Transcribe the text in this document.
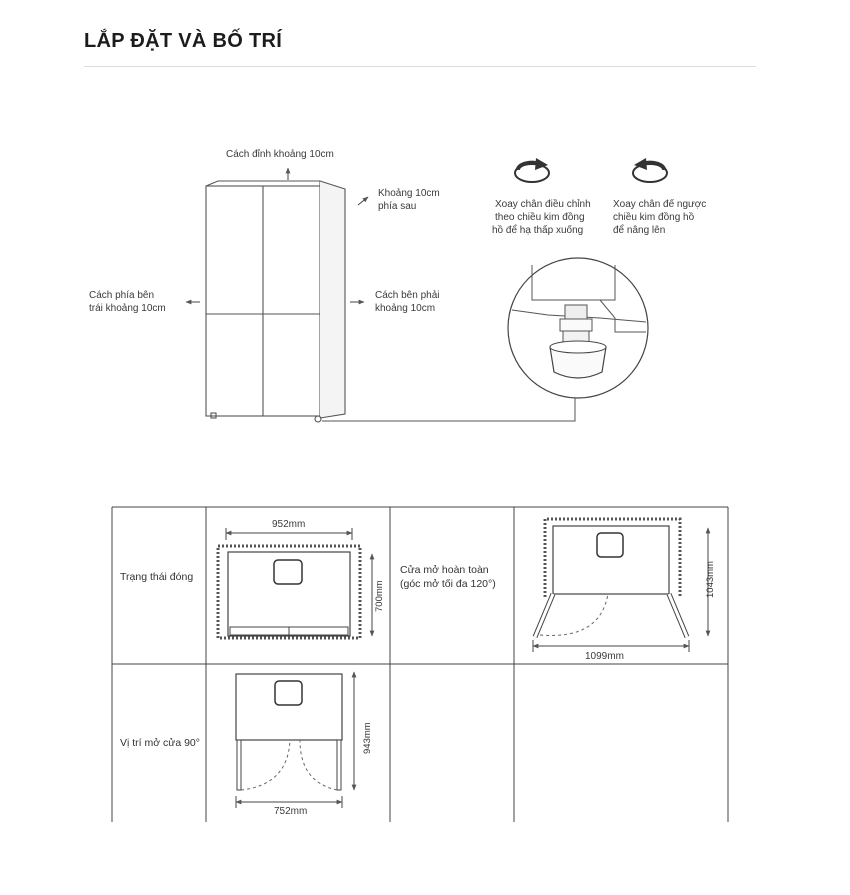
LẮP ĐẶT VÀ BỐ TRÍ
700mm	1043mm
943mm
Cách đỉnh khoảng 10cm
Khoảng 10cm
phía sau
Cách phía bên
trái khoảng 10cm
Cách bên phải
khoảng 10cm
Xoay chân điều chỉnh
theo chiều kim đồng
hồ để hạ thấp xuống
Xoay chân đế ngược
chiều kim đồng hồ
để nâng lên
Trạng thái đóng
952mm
Cửa mở hoàn toàn
(góc mở tối đa 120°)
1099mm
Vị trí mở cửa 90°
752mm
